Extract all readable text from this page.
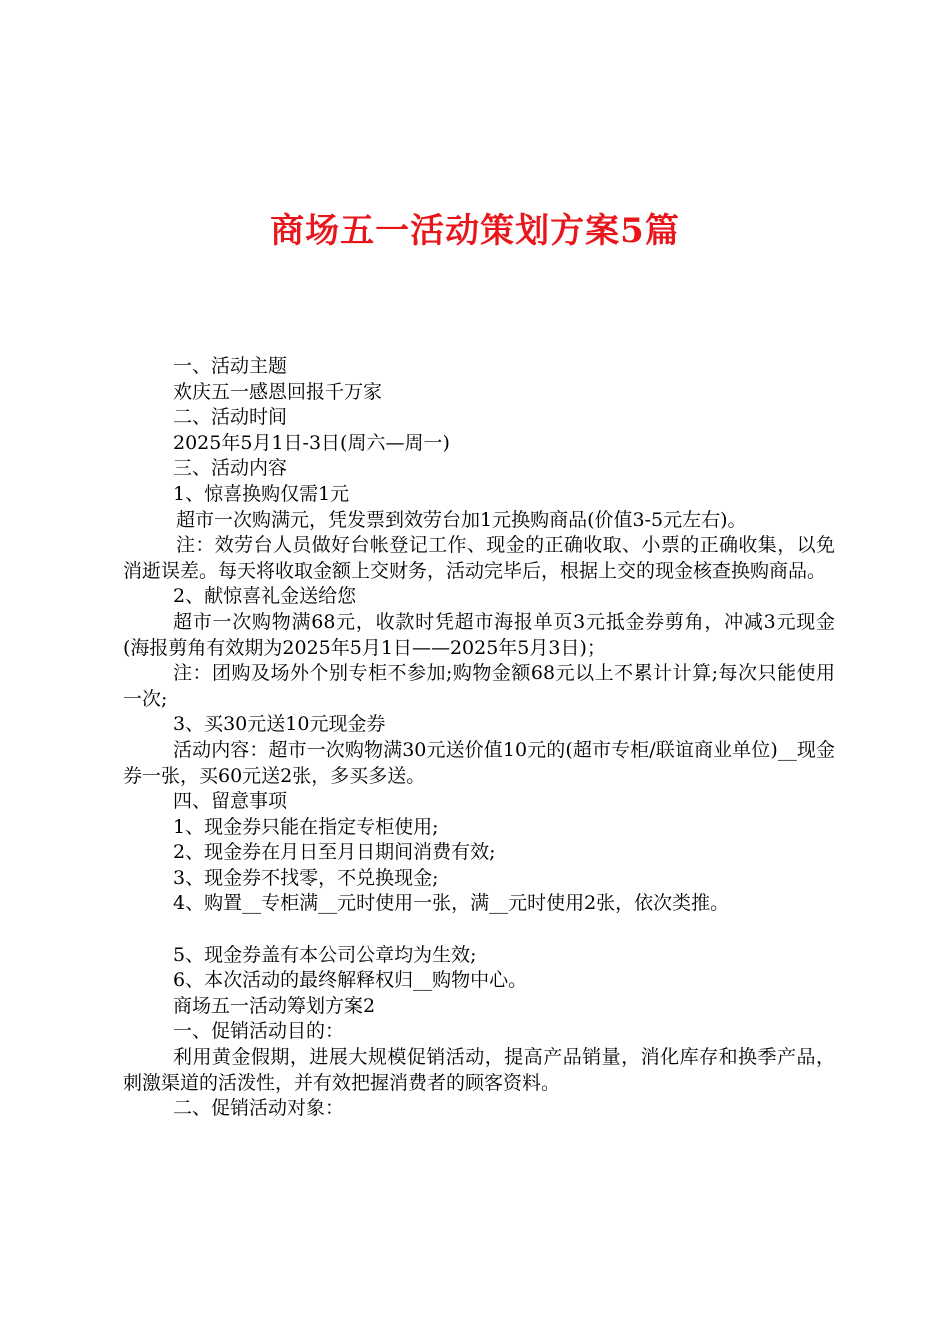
商场五一活动策划方案5篇

一、活动主题

欢庆五一感恩回报千万家

二、活动时间

2025年5月1日-3日(周六—周一)

三、活动内容

1、惊喜换购仅需1元

超市一次购满元，凭发票到效劳台加1元换购商品(价值3-5元左右)。

注：效劳台人员做好台帐登记工作、现金的正确收取、小票的正确收集，以免消逝误差。每天将收取金额上交财务，活动完毕后，根据上交的现金核查换购商品。

2、献惊喜礼金送给您

超市一次购物满68元，收款时凭超市海报单页3元抵金券剪角，冲减3元现金(海报剪角有效期为2025年5月1日——2025年5月3日)；

注：团购及场外个别专柜不参加;购物金额68元以上不累计计算;每次只能使用一次;

3、买30元送10元现金券

活动内容：超市一次购物满30元送价值10元的(超市专柜/联谊商业单位)__现金券一张，买60元送2张，多买多送。

四、留意事项

1、现金券只能在指定专柜使用;

2、现金券在月日至月日期间消费有效;

3、现金券不找零，不兑换现金;

4、购置__专柜满__元时使用一张，满__元时使用2张，依次类推。

5、现金券盖有本公司公章均为生效;

6、本次活动的最终解释权归__购物中心。

商场五一活动筹划方案2

一、促销活动目的：

利用黄金假期，进展大规模促销活动，提高产品销量，消化库存和换季产品，刺激渠道的活泼性，并有效把握消费者的顾客资料。

二、促销活动对象：
